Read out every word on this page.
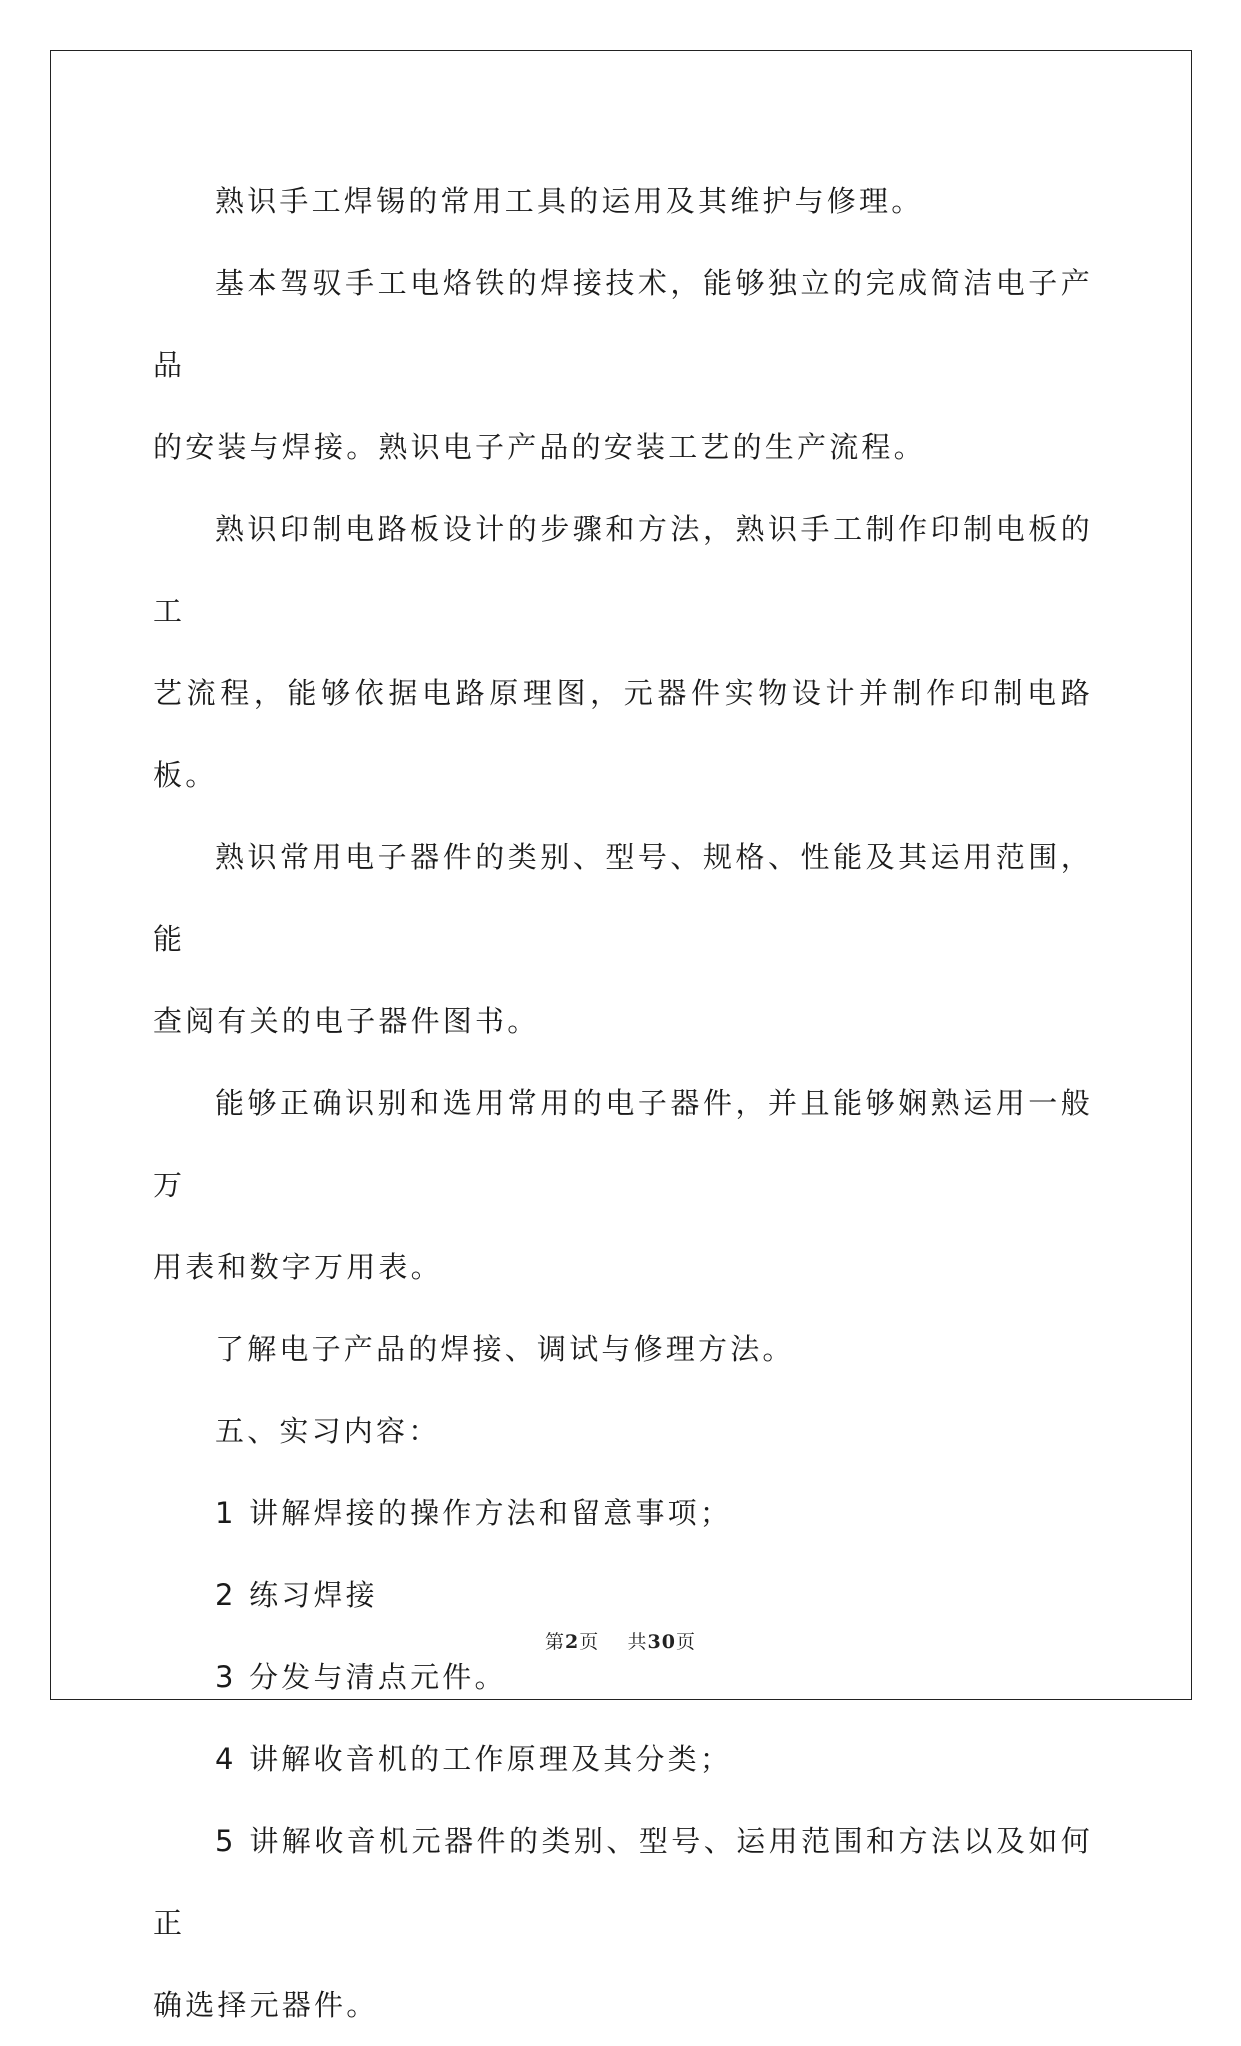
熟识手工焊锡的常用工具的运用及其维护与修理。

基本驾驭手工电烙铁的焊接技术，能够独立的完成简洁电子产品

的安装与焊接。熟识电子产品的安装工艺的生产流程。

熟识印制电路板设计的步骤和方法，熟识手工制作印制电板的工

艺流程，能够依据电路原理图，元器件实物设计并制作印制电路板。

熟识常用电子器件的类别、型号、规格、性能及其运用范围，能

查阅有关的电子器件图书。

能够正确识别和选用常用的电子器件，并且能够娴熟运用一般万

用表和数字万用表。

了解电子产品的焊接、调试与修理方法。

五、实习内容：

1 讲解焊接的操作方法和留意事项；

2 练习焊接

3 分发与清点元件。

4 讲解收音机的工作原理及其分类；

5 讲解收音机元器件的类别、型号、运用范围和方法以及如何正

确选择元器件。

第2页 共30页
